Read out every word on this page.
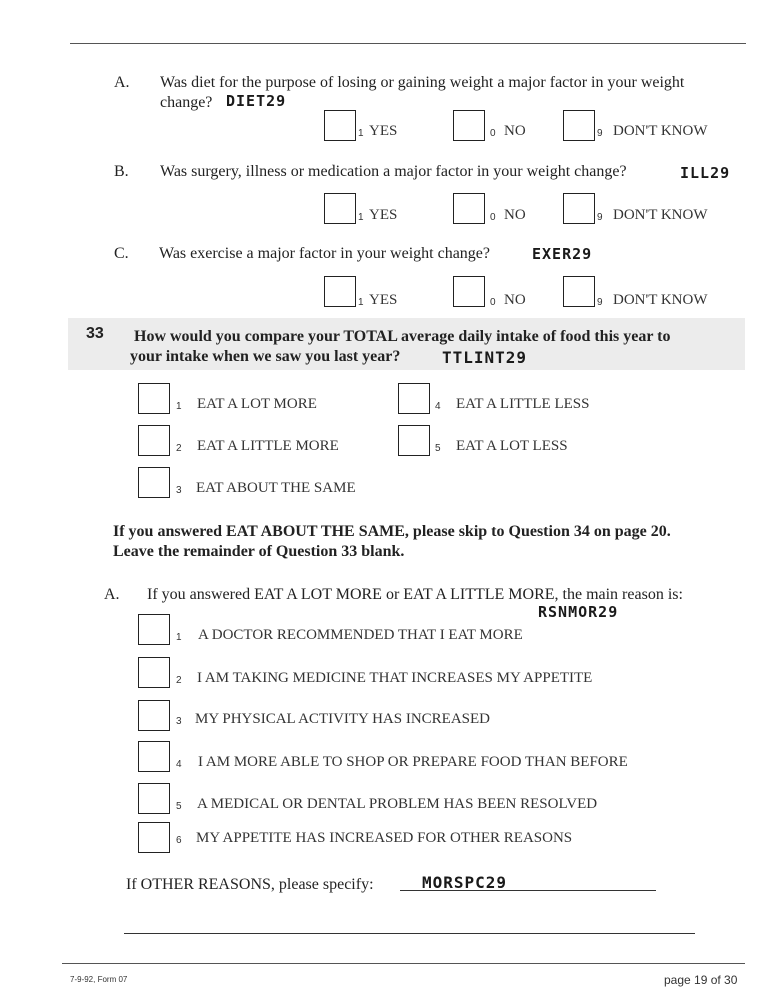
A. Was diet for the purpose of losing or gaining weight a major factor in your weight
change? DIET29
1 YES	0 NO	9 DON'T KNOW
B. Was surgery, illness or medication a major factor in your weight change?	ILL29
1 YES	0 NO	9 DON'T KNOW
C. Was exercise a major factor in your weight change?	EXER29
1 YES	0 NO	9 DON'T KNOW
33 How would you compare your TOTAL average daily intake of food this year to
your intake when we saw you last year?	TTLINT29
1 EAT A LOT MORE
2 EAT A LITTLE MORE
3 EAT ABOUT THE SAME
4 EAT A LITTLE LESS
5 EAT A LOT LESS
If you answered EAT ABOUT THE SAME, please skip to Question 34 on page 20.
Leave the remainder of Question 33 blank.
A. If you answered EAT A LOT MORE or EAT A LITTLE MORE, the main reason is:
RSNMOR29
1 A DOCTOR RECOMMENDED THAT I EAT MORE
2 I AM TAKING MEDICINE THAT INCREASES MY APPETITE
3 MY PHYSICAL ACTIVITY HAS INCREASED
4 I AM MORE ABLE TO SHOP OR PREPARE FOOD THAN BEFORE
5 A MEDICAL OR DENTAL PROBLEM HAS BEEN RESOLVED
6 MY APPETITE HAS INCREASED FOR OTHER REASONS
If OTHER REASONS, please specify:	MORSPC29
7-9-92, Form 07	page 19 of 30
